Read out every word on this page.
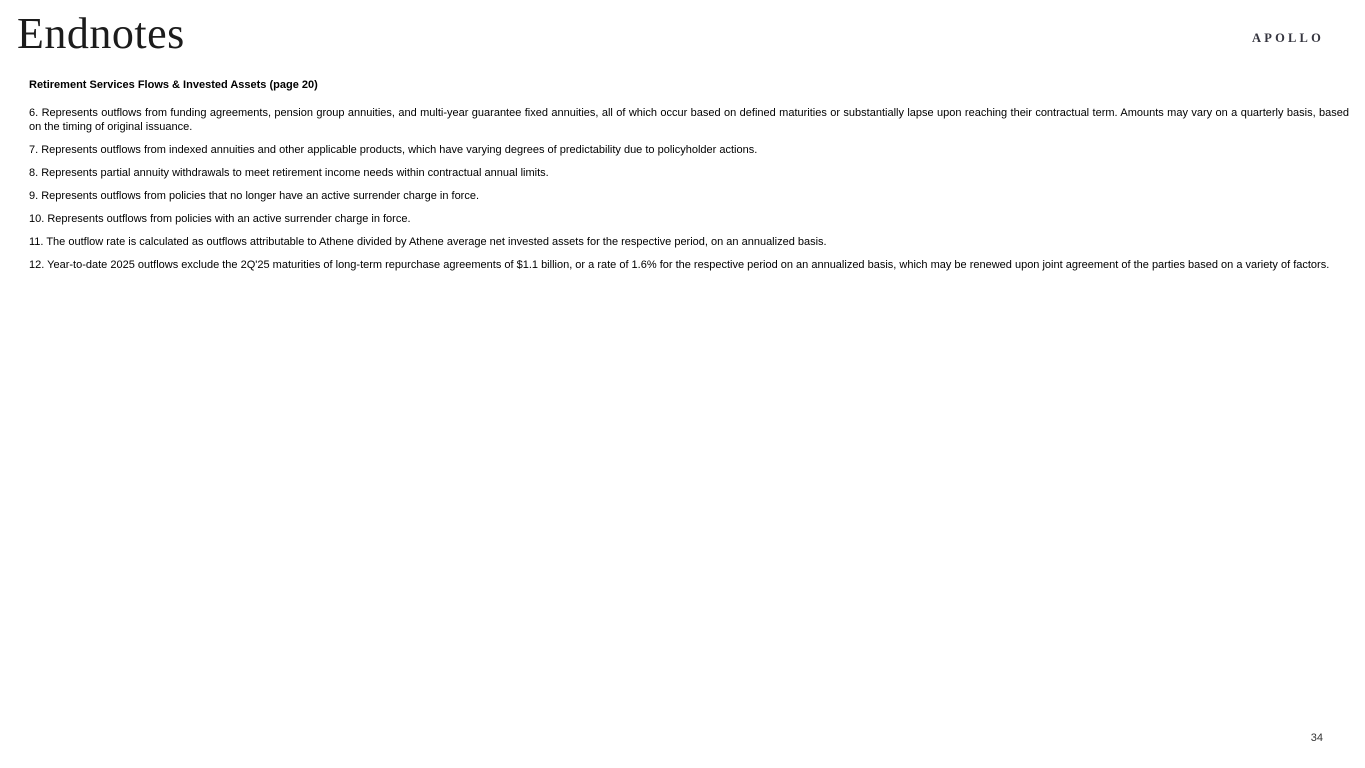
Endnotes	APOLLO
Retirement Services Flows & Invested Assets (page 20)

6. Represents outflows from funding agreements, pension group annuities, and multi-year guarantee fixed annuities, all of which occur based on defined maturities or substantially lapse upon reaching their contractual term. Amounts may vary on a quarterly basis, based on the timing of original issuance.

7. Represents outflows from indexed annuities and other applicable products, which have varying degrees of predictability due to policyholder actions.

8. Represents partial annuity withdrawals to meet retirement income needs within contractual annual limits.

9. Represents outflows from policies that no longer have an active surrender charge in force.

10. Represents outflows from policies with an active surrender charge in force.

11. The outflow rate is calculated as outflows attributable to Athene divided by Athene average net invested assets for the respective period, on an annualized basis.

12. Year-to-date 2025 outflows exclude the 2Q'25 maturities of long-term repurchase agreements of $1.1 billion, or a rate of 1.6% for the respective period on an annualized basis, which may be renewed upon joint agreement of the parties based on a variety of factors.

34
